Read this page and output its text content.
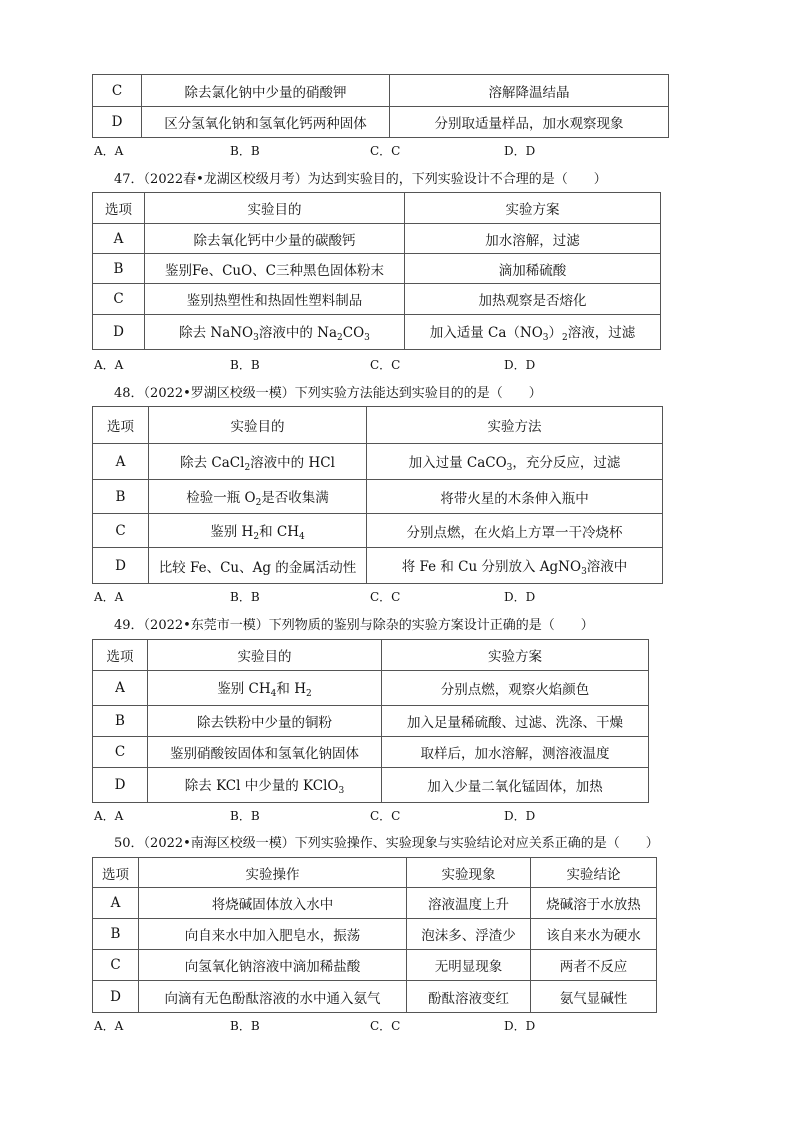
C	除去氯化钠中少量的硝酸钾	溶解降温结晶
D	区分氢氧化钠和氢氧化钙两种固体	分别取适量样品，加水观察现象
A．A	B．B	C．C	D．D
47．（2022春•龙湖区校级月考）为达到实验目的，下列实验设计不合理的是（　　）
选项	实验目的	实验方案
A	除去氧化钙中少量的碳酸钙	加水溶解，过滤
B	鉴别Fe、CuO、C三种黑色固体粉末	滴加稀硫酸
C	鉴别热塑性和热固性塑料制品	加热观察是否熔化
D	除去 NaNO$_3$溶液中的 $Na_2CO_3$	加入适量 $Ca(NO_3)_2$溶液，过滤
A．A	B．B	C．C	D．D
48．（2022•罗湖区校级一模）下列实验方法能达到实验目的的是（　　）
选项	实验目的	实验方法
A	除去 CaCl$_2$溶液中的 HCl	加入过量 CaCO$_3$，充分反应，过滤
B	检验一瓶 $O_2$是否收集满	将带火星的木条伸入瓶中
C	鉴别 $H_2$和 $CH_4$	分别点燃，在火焰上方罩一干冷烧杯
D	比较 Fe、Cu、Ag 的金属活动性	将 Fe 和 Cu 分别放入 AgNO$_3$溶液中
A．A	B．B	C．C	D．D
49．（2022•东莞市一模）下列物质的鉴别与除杂的实验方案设计正确的是（　　）
选项	实验目的	实验方案
A	鉴别 $CH_4$和 $H_2$	分别点燃，观察火焰颜色
B	除去铁粉中少量的铜粉	加入足量稀硫酸、过滤、洗涤、干燥
C	鉴别硝酸铵固体和氢氧化钠固体	取样后，加水溶解，测溶液温度
D	除去 KCl 中少量的 KClO$_3$	加入少量二氧化锰固体，加热
A．A	B．B	C．C	D．D
50．（2022•南海区校级一模）下列实验操作、实验现象与实验结论对应关系正确的是（　　）
选项	实验操作	实验现象	实验结论
A	将烧碱固体放入水中	溶液温度上升	烧碱溶于水放热
B	向自来水中加入肥皂水，振荡	泡沫多、浮渣少	该自来水为硬水
C	向氢氧化钠溶液中滴加稀盐酸	无明显现象	两者不反应
D	向滴有无色酚酞溶液的水中通入氨气	酚酞溶液变红	氨气显碱性
A．A	B．B	C．C	D．D
